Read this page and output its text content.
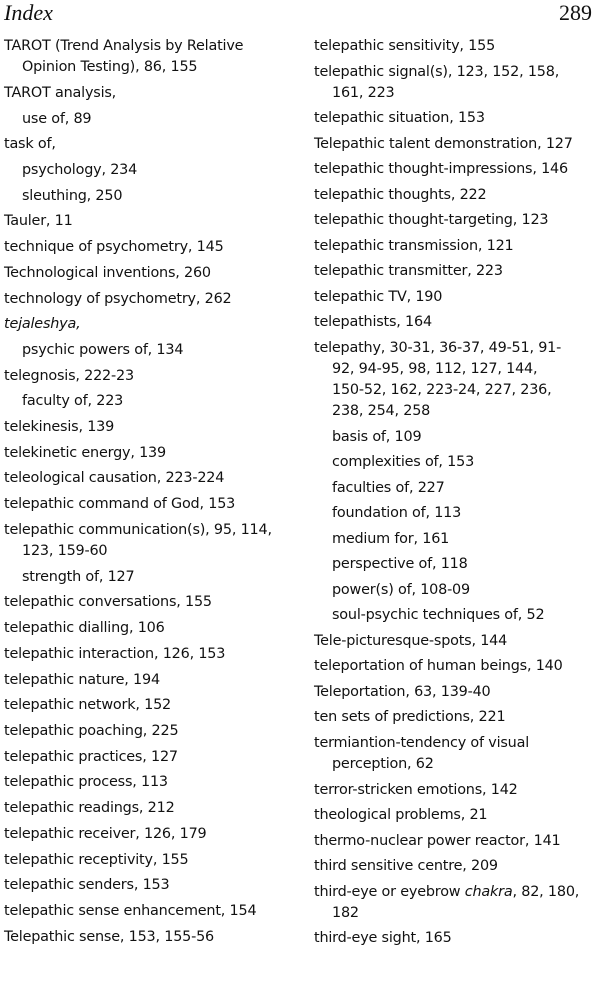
Index	289
TAROT (Trend Analysis by Relative
Opinion Testing), 86, 155
TAROT analysis,
use of, 89
task of,
psychology, 234
sleuthing, 250
Tauler, 11
technique of psychometry, 145
Technological inventions, 260
technology of psychometry, 262
tejaleshya,
psychic powers of, 134
telegnosis, 222-23
faculty of, 223
telekinesis, 139
telekinetic energy, 139
teleological causation, 223-224
telepathic command of God, 153
telepathic communication(s), 95, 114,
123, 159-60
strength of, 127
telepathic conversations, 155
telepathic dialling, 106
telepathic interaction, 126, 153
telepathic nature, 194
telepathic network, 152
telepathic poaching, 225
telepathic practices, 127
telepathic process, 113
telepathic readings, 212
telepathic receiver, 126, 179
telepathic receptivity, 155
telepathic senders, 153
telepathic sense enhancement, 154
Telepathic sense, 153, 155-56
telepathic sensitivity, 155
telepathic signal(s), 123, 152, 158,
161, 223
telepathic situation, 153
Telepathic talent demonstration, 127
telepathic thought-impressions, 146
telepathic thoughts, 222
telepathic thought-targeting, 123
telepathic transmission, 121
telepathic transmitter, 223
telepathic TV, 190
telepathists, 164
telepathy, 30-31, 36-37, 49-51, 91-
92, 94-95, 98, 112, 127, 144,
150-52, 162, 223-24, 227, 236,
238, 254, 258
basis of, 109
complexities of, 153
faculties of, 227
foundation of, 113
medium for, 161
perspective of, 118
power(s) of, 108-09
soul-psychic techniques of, 52
Tele-picturesque-spots, 144
teleportation of human beings, 140
Teleportation, 63, 139-40
ten sets of predictions, 221
termiantion-tendency of visual
perception, 62
terror-stricken emotions, 142
theological problems, 21
thermo-nuclear power reactor, 141
third sensitive centre, 209
third-eye or eyebrow chakra, 82, 180,
182
third-eye sight, 165
